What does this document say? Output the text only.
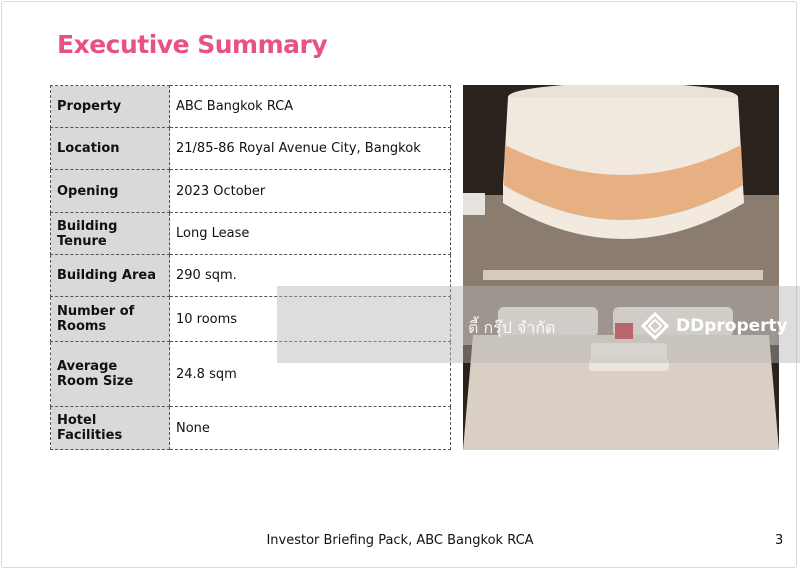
Executive Summary
Property	ABC Bangkok RCA
Location	21/85-86 Royal Avenue City, Bangkok
Opening	2023 October
Building Tenure	Long Lease
Building Area	290 sqm.
Number of Rooms	10 rooms
Average Room Size	24.8 sqm
Hotel Facilities	None
ตี้ กรุ๊ป จำกัด	DDproperty
Investor Briefing Pack, ABC Bangkok RCA	3
